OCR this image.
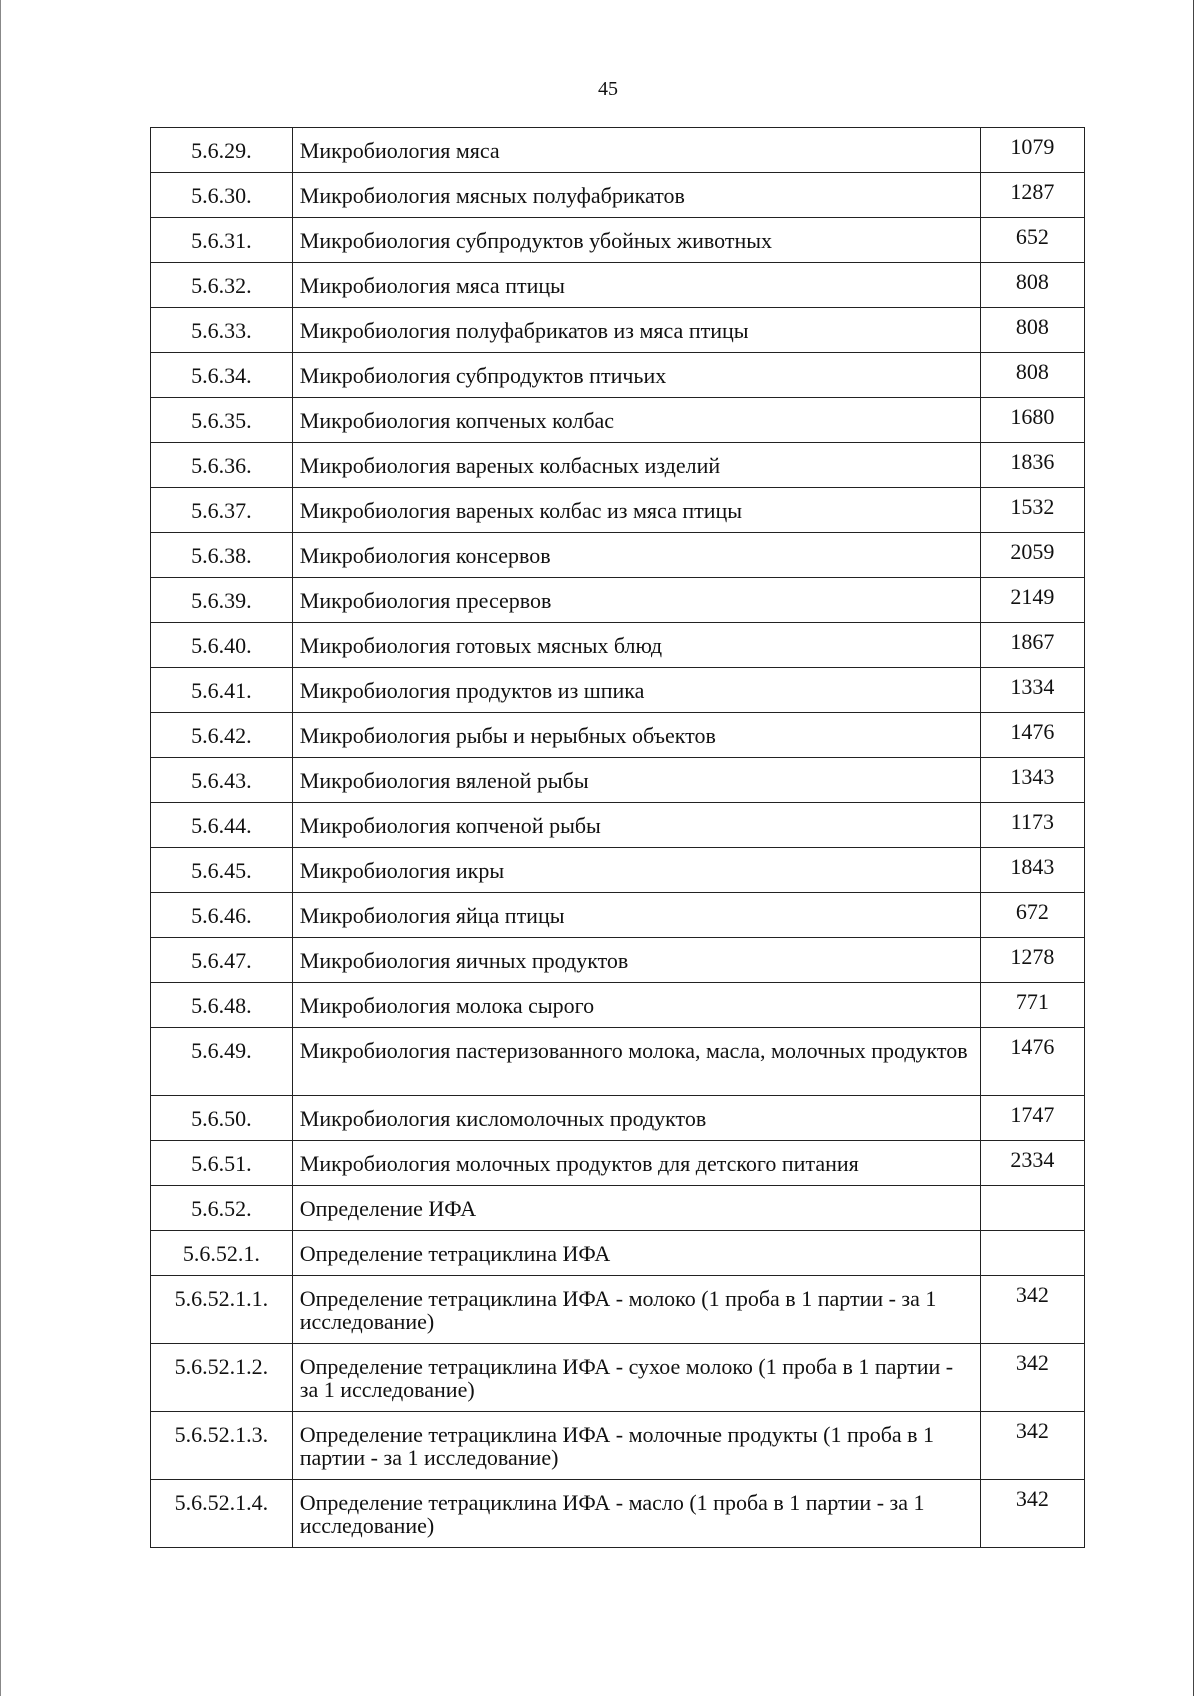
45
5.6.29.	Микробиология мяса	1079
5.6.30.	Микробиология мясных полуфабрикатов	1287
5.6.31.	Микробиология субпродуктов убойных животных	652
5.6.32.	Микробиология мяса птицы	808
5.6.33.	Микробиология полуфабрикатов из мяса птицы	808
5.6.34.	Микробиология субпродуктов птичьих	808
5.6.35.	Микробиология копченых колбас	1680
5.6.36.	Микробиология вареных колбасных изделий	1836
5.6.37.	Микробиология вареных колбас из мяса птицы	1532
5.6.38.	Микробиология консервов	2059
5.6.39.	Микробиология пресервов	2149
5.6.40.	Микробиология готовых мясных блюд	1867
5.6.41.	Микробиология продуктов из шпика	1334
5.6.42.	Микробиология рыбы и нерыбных объектов	1476
5.6.43.	Микробиология вяленой рыбы	1343
5.6.44.	Микробиология копченой рыбы	1173
5.6.45.	Микробиология икры	1843
5.6.46.	Микробиология яйца птицы	672
5.6.47.	Микробиология яичных продуктов	1278
5.6.48.	Микробиология молока сырого	771
5.6.49.	Микробиология пастеризованного молока, масла, молочных продуктов	1476
5.6.50.	Микробиология кисломолочных продуктов	1747
5.6.51.	Микробиология молочных продуктов для детского питания	2334
5.6.52.	Определение ИФА	
5.6.52.1.	Определение тетрациклина ИФА	
5.6.52.1.1.	Определение тетрациклина ИФА - молоко (1 проба в 1 партии - за 1 исследование)	342
5.6.52.1.2.	Определение тетрациклина ИФА - сухое молоко (1 проба в 1 партии - за 1 исследование)	342
5.6.52.1.3.	Определение тетрациклина ИФА - молочные продукты (1 проба в 1 партии - за 1 исследование)	342
5.6.52.1.4.	Определение тетрациклина ИФА - масло (1 проба в 1 партии - за 1 исследование)	342
